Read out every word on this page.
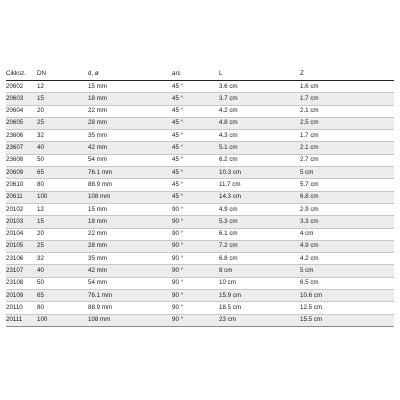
Cikksz.	DN	d, ø	arc	L	Z
20602	12	15 mm	45 °	3.6 cm	1.6 cm
20603	15	18 mm	45 °	3.7 cm	1.7 cm
20604	20	22 mm	45 °	4.2 cm	2.1 cm
20605	25	28 mm	45 °	4.8 cm	2.5 cm
23606	32	35 mm	45 °	4.3 cm	1.7 cm
23607	40	42 mm	45 °	5.1 cm	2.1 cm
23608	50	54 mm	45 °	6.2 cm	2.7 cm
20609	65	76.1 mm	45 °	10.3 cm	5 cm
20610	80	88.9 mm	45 °	11.7 cm	5.7 cm
20611	100	108 mm	45 °	14.3 cm	6.8 cm
20102	12	15 mm	90 °	4.9 cm	2.9 cm
20103	15	18 mm	90 °	5.3 cm	3.3 cm
20104	20	22 mm	90 °	6.1 cm	4 cm
20105	25	28 mm	90 °	7.2 cm	4.9 cm
23106	32	35 mm	90 °	6.8 cm	4.2 cm
23107	40	42 mm	90 °	8 cm	5 cm
23108	50	54 mm	90 °	10 cm	6.5 cm
20109	65	76.1 mm	90 °	15.9 cm	10.6 cm
20110	80	88.9 mm	90 °	18.5 cm	12.5 cm
20111	100	108 mm	90 °	23 cm	15.5 cm
